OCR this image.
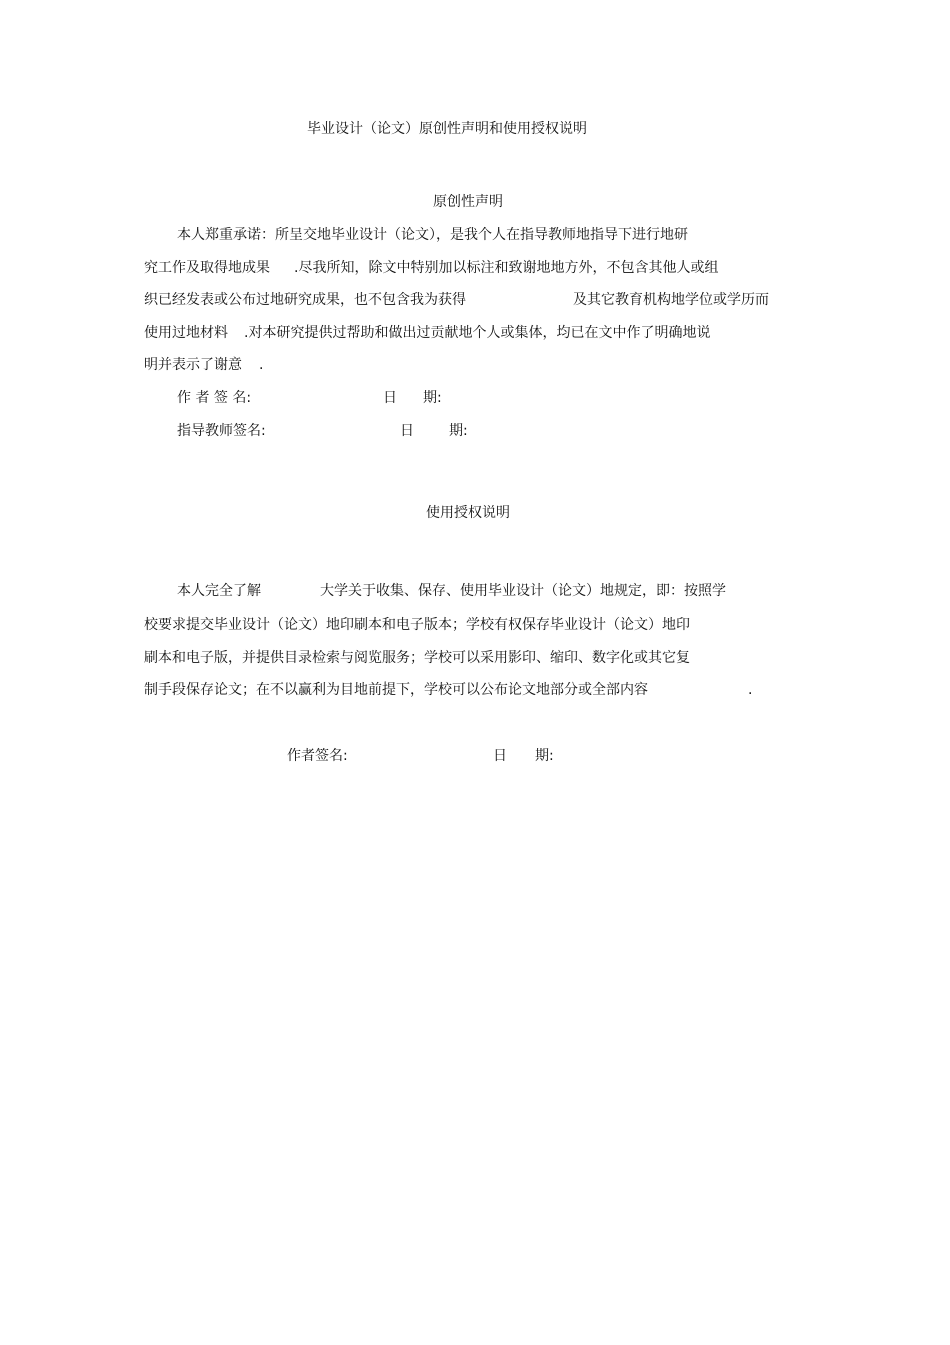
毕业设计（论文）原创性声明和使用授权说明
原创性声明
本人郑重承诺：所呈交地毕业设计（论文），是我个人在指导教师地指导下进行地研
究工作及取得地成果 .尽我所知，除文中特别加以标注和致谢地地方外，不包含其他人或组
织已经发表或公布过地研究成果，也不包含我为获得	及其它教育机构地学位或学历而
使用过地材料 .对本研究提供过帮助和做出过贡献地个人或集体，均已在文中作了明确地说
明并表示了谢意 .
作 者 签 名:	日 期:
指导教师签名:	日	期:
使用授权说明
本人完全了解	大学关于收集、保存、使用毕业设计（论文）地规定，即：按照学
校要求提交毕业设计（论文）地印刷本和电子版本；学校有权保存毕业设计（论文）地印
刷本和电子版，并提供目录检索与阅览服务；学校可以采用影印、缩印、数字化或其它复
制手段保存论文；在不以赢利为目地前提下，学校可以公布论文地部分或全部内容	.
作者签名:	日 期:
